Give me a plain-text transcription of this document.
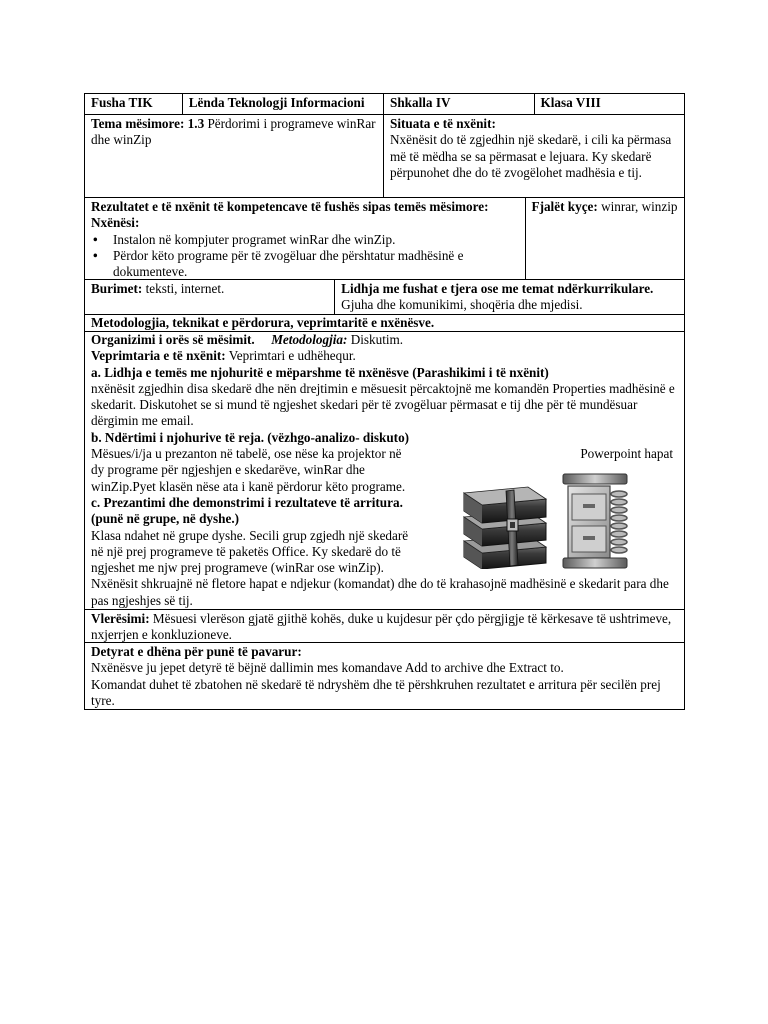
Fusha TIK	Lënda Teknologji Informacioni	Shkalla IV	Klasa VIII
Tema mësimore: 1.3 Përdorimi i programeve winRar dhe winZip
Situata e të nxënit:
Nxënësit do të zgjedhin një skedarë, i cili ka përmasa më të mëdha se sa përmasat e lejuara. Ky skedarë përpunohet dhe do të zvogëlohet madhësia e tij.
Rezultatet e të nxënit të kompetencave të fushës sipas temës mësimore:
Nxënësi:
• Instalon në kompjuter programet winRar dhe winZip.
• Përdor këto programe për të zvogëluar dhe përshtatur madhësinë e dokumenteve.
Fjalët kyçe: winrar, winzip
Burimet: teksti, internet.	Lidhja me fushat e tjera ose me temat ndërkurrikulare.
Gjuha dhe komunikimi, shoqëria dhe mjedisi.
Metodologjia, teknikat e përdorura, veprimtaritë e nxënësve.
Organizimi i orës së mësimit. Metodologjia: Diskutim.
Veprimtaria e të nxënit: Veprimtari e udhëhequr.
a. Lidhja e temës me njohuritë e mëparshme të nxënësve (Parashikimi i të nxënit)
nxënësit zgjedhin disa skedarë dhe nën drejtimin e mësuesit përcaktojnë me komandën Properties madhësinë e skedarit. Diskutohet se si mund të ngjeshet skedari për të zvogëluar përmasat e tij dhe për të mundësuar dërgimin me email.
b. Ndërtimi i njohurive të reja. (vëzhgo-analizo- diskuto)
Mësues/i/ja u prezanton në tabelë, ose nëse ka projektor në dy programe për ngjeshjen e skedarëve, winRar dhe winZip.Pyet klasën nëse ata i kanë përdorur këto programe.
c. Prezantimi dhe demonstrimi i rezultateve të arritura. (punë në grupe, në dyshe.)
Klasa ndahet në grupe dyshe. Secili grup zgjedh një skedarë në një prej programeve të paketës Office. Ky skedarë do të ngjeshet me njw prej programeve (winRar ose winZip).
Nxënësit shkruajnë në fletore hapat e ndjekur (komandat) dhe do të krahasojnë madhësinë e skedarit para dhe pas ngjeshjes së tij.
Powerpoint hapat
Vlerësimi: Mësuesi vlerëson gjatë gjithë kohës, duke u kujdesur për çdo përgjigje të kërkesave të ushtrimeve, nxjerrjen e konkluzioneve.
Detyrat e dhëna për punë të pavarur:
Nxënësve ju jepet detyrë të bëjnë dallimin mes komandave Add to archive dhe Extract to.
Komandat duhet të zbatohen në skedarë të ndryshëm dhe të përshkruhen rezultatet e arritura për secilën prej tyre.
